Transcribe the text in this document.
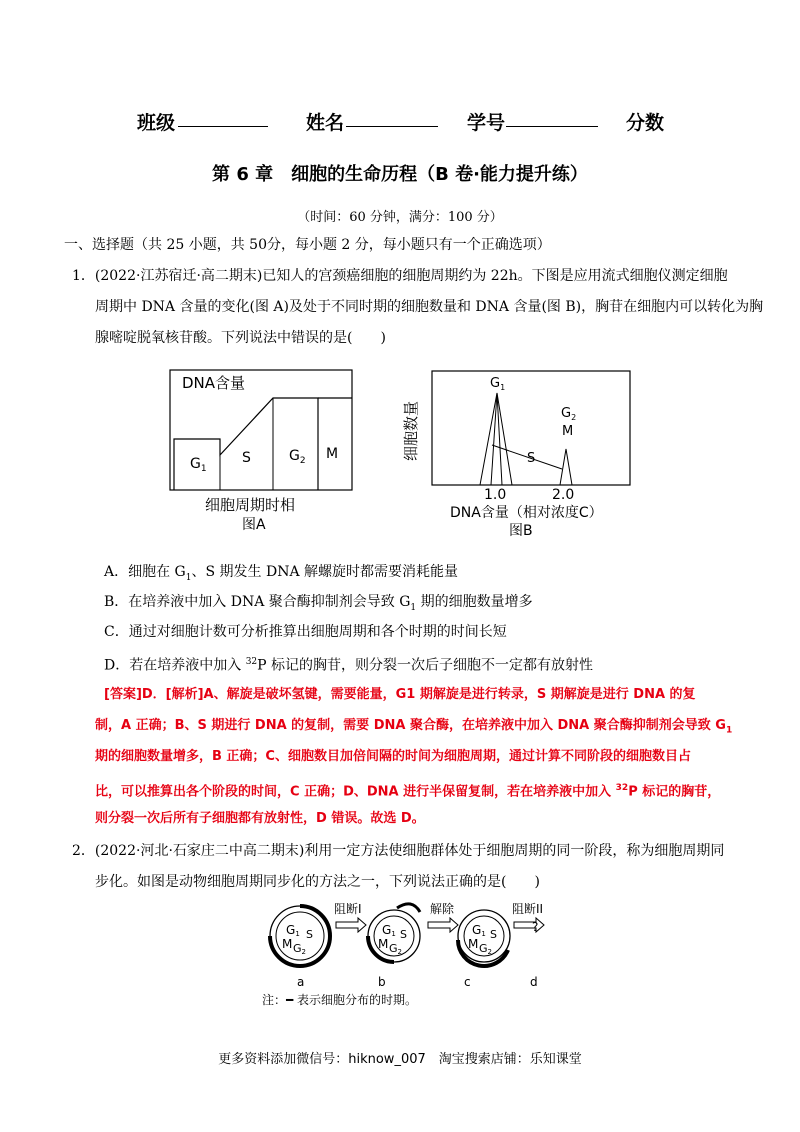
班级	姓名	学号	分数
第 6 章　细胞的生命历程（B 卷·能力提升练）
（时间：60 分钟，满分：100 分）
一、选择题（共 25 小题，共 50分，每小题 2 分，每小题只有一个正确选项）
1．(2022·江苏宿迁·高二期末)已知人的宫颈癌细胞的细胞周期约为 22h。下图是应用流式细胞仪测定细胞
周期中 DNA 含量的变化(图 A)及处于不同时期的细胞数量和 DNA 含量(图 B)，胸苷在细胞内可以转化为胸
腺嘧啶脱氧核苷酸。下列说法中错误的是(　　)
DNA含量
$G_1$
S	$G_2$ M
细胞周期时相
图A
细胞数量
$G_1$
$G_2$
M
S
1.0	2.0
DNA含量（相对浓度C）
图B
A．细胞在 $G_1$、S 期发生 DNA 解螺旋时都需要消耗能量
B．在培养液中加入 DNA 聚合酶抑制剂会导致 $G_1$ 期的细胞数量增多
C．通过对细胞计数可分析推算出细胞周期和各个时期的时间长短
D．若在培养液中加入 $^{32}$P 标记的胸苷，则分裂一次后子细胞不一定都有放射性
[答案]D．[解析]A、解旋是破坏氢键，需要能量，G1 期解旋是进行转录，S 期解旋是进行 DNA 的复
制，A 正确；B、S 期进行 DNA 的复制，需要 DNA 聚合酶，在培养液中加入 DNA 聚合酶抑制剂会导致 $G_1$
期的细胞数量增多，B 正确；C、细胞数目加倍间隔的时间为细胞周期，通过计算不同阶段的细胞数目占
比，可以推算出各个阶段的时间，C 正确；D、DNA 进行半保留复制，若在培养液中加入 $^{32}$P 标记的胸苷，
则分裂一次后所有子细胞都有放射性，D 错误。故选 D。
2．(2022·河北·石家庄二中高二期末)利用一定方法使细胞群体处于细胞周期的同一阶段，称为细胞周期同
步化。如图是动物细胞周期同步化的方法之一，下列说法正确的是(　　)
G1 S
M G2
阻断I
G1 S
M G2
解除
G1 S
M G2
阻断II
?
a	b	c	d
注：━ 表示细胞分布的时期。
更多资料添加微信号：hiknow_007　淘宝搜索店铺：乐知课堂
